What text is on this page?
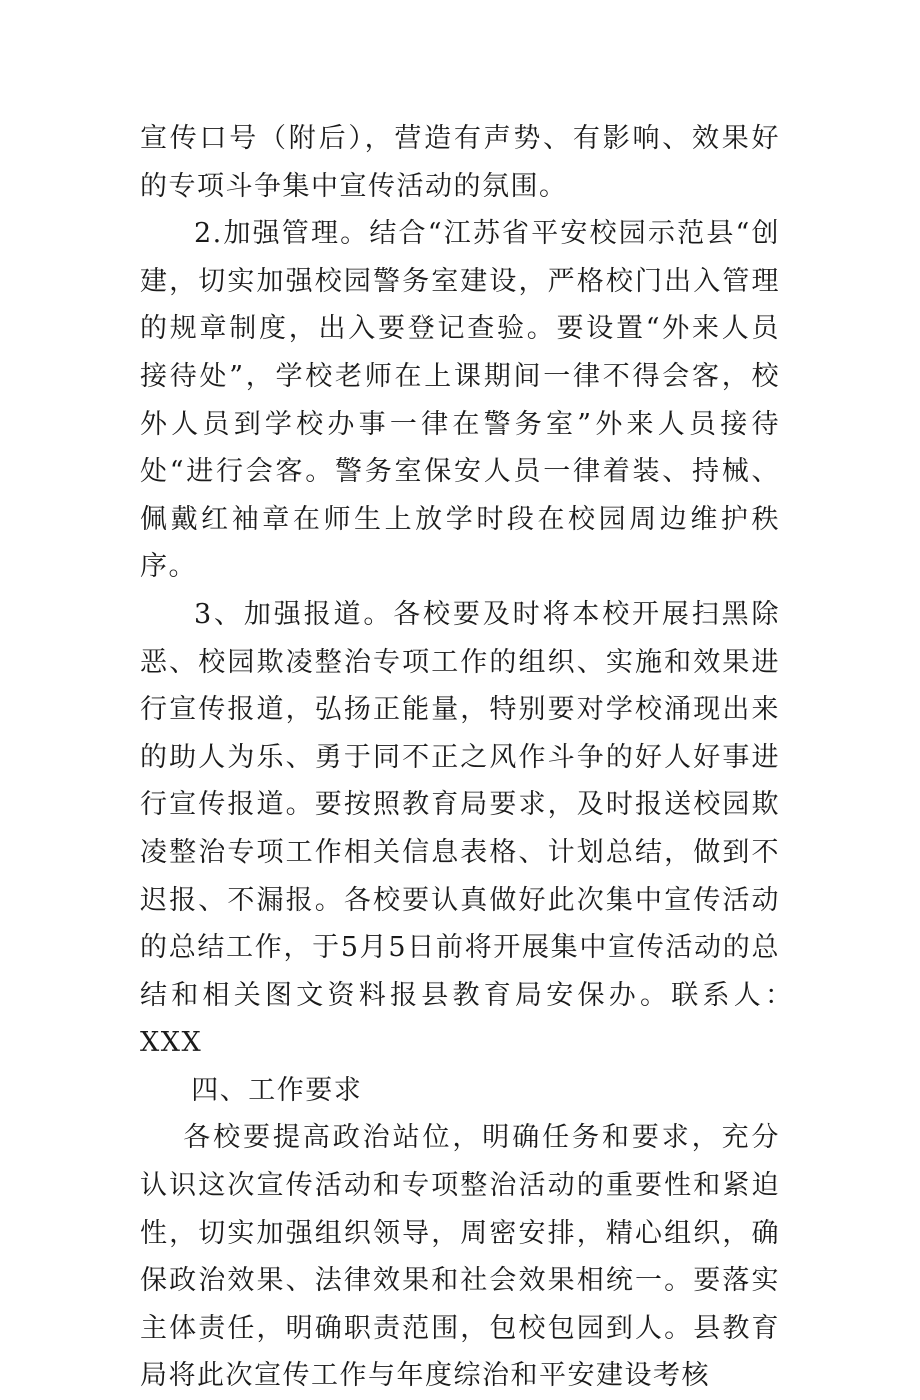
宣传口号（附后），营造有声势、有影响、效果好的专项斗争集中宣传活动的氛围。

2.加强管理。结合“江苏省平安校园示范县“创建，切实加强校园警务室建设，严格校门出入管理的规章制度，出入要登记查验。要设置“外来人员接待处”，学校老师在上课期间一律不得会客，校外人员到学校办事一律在警务室”外来人员接待处“进行会客。警务室保安人员一律着装、持械、佩戴红袖章在师生上放学时段在校园周边维护秩序。

3、加强报道。各校要及时将本校开展扫黑除恶、校园欺凌整治专项工作的组织、实施和效果进行宣传报道，弘扬正能量，特别要对学校涌现出来的助人为乐、勇于同不正之风作斗争的好人好事进行宣传报道。要按照教育局要求，及时报送校园欺凌整治专项工作相关信息表格、计划总结，做到不迟报、不漏报。各校要认真做好此次集中宣传活动的总结工作，于5月5日前将开展集中宣传活动的总结和相关图文资料报县教育局安保办。联系人：　XXX

四、工作要求

各校要提高政治站位，明确任务和要求，充分认识这次宣传活动和专项整治活动的重要性和紧迫性，切实加强组织领导，周密安排，精心组织，确保政治效果、法律效果和社会效果相统一。要落实主体责任，明确职责范围，包校包园到人。县教育局将此次宣传工作与年度综治和平安建设考核
